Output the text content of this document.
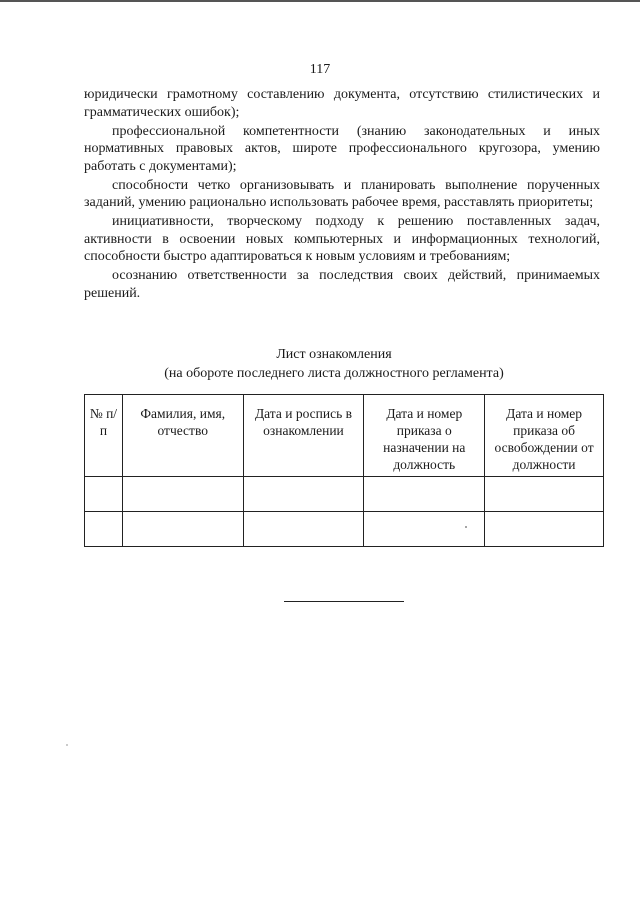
117

юридически грамотному составлению документа, отсутствию стилистических и грамматических ошибок);

профессиональной компетентности (знанию законодательных и иных нормативных правовых актов, широте профессионального кругозора, умению работать с документами);

способности четко организовывать и планировать выполнение порученных заданий, умению рационально использовать рабочее время, расставлять приоритеты;

инициативности, творческому подходу к решению поставленных задач, активности в освоении новых компьютерных и информационных технологий, способности быстро адаптироваться к новым условиям и требованиям;

осознанию ответственности за последствия своих действий, принимаемых решений.

Лист ознакомления
(на обороте последнего листа должностного регламента)
№ п/п	Фамилия, имя, отчество	Дата и роспись в ознакомлении	Дата и номер приказа о назначении на должность	Дата и номер приказа об освобождении от должности
